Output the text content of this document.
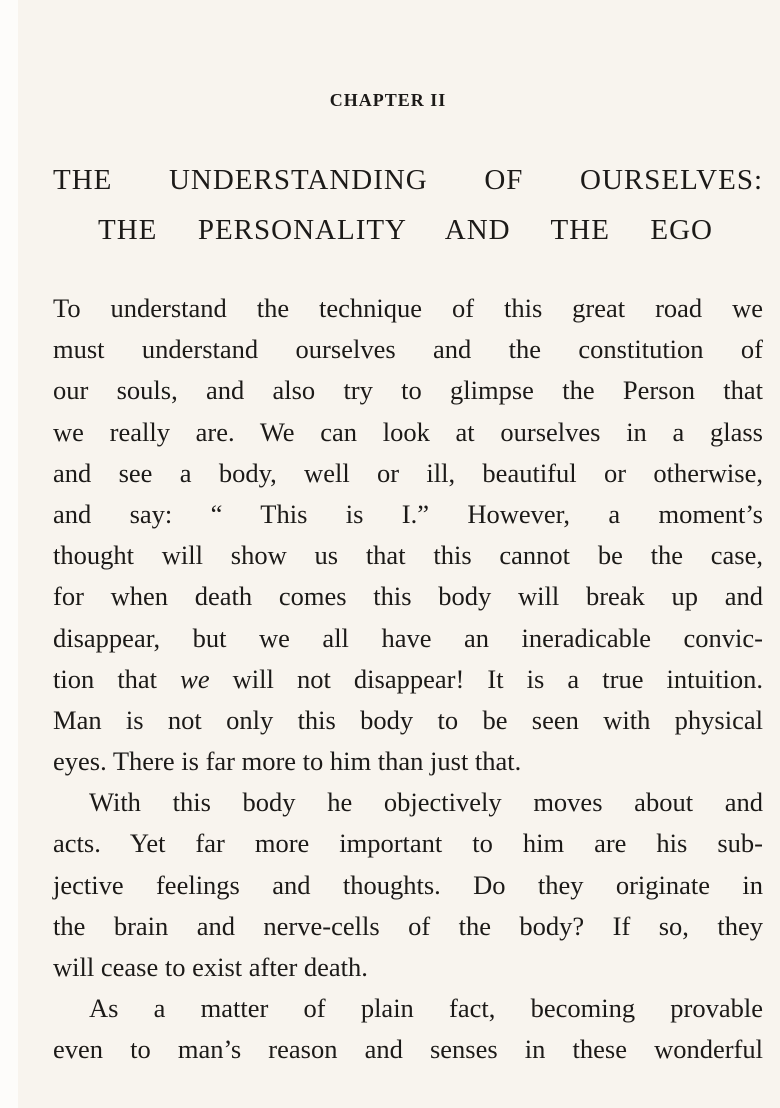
CHAPTER II
THE UNDERSTANDING OF OURSELVES:
THE PERSONALITY AND THE EGO
To understand the technique of this great road we
must understand ourselves and the constitution of
our souls, and also try to glimpse the Person that
we really are. We can look at ourselves in a glass
and see a body, well or ill, beautiful or otherwise,
and say: “ This is I.” However, a moment’s
thought will show us that this cannot be the case,
for when death comes this body will break up and
disappear, but we all have an ineradicable convic-
tion that we will not disappear! It is a true intuition.
Man is not only this body to be seen with physical
eyes. There is far more to him than just that.
With this body he objectively moves about and
acts. Yet far more important to him are his sub-
jective feelings and thoughts. Do they originate in
the brain and nerve-cells of the body? If so, they
will cease to exist after death.
As a matter of plain fact, becoming provable
even to man’s reason and senses in these wonderful
